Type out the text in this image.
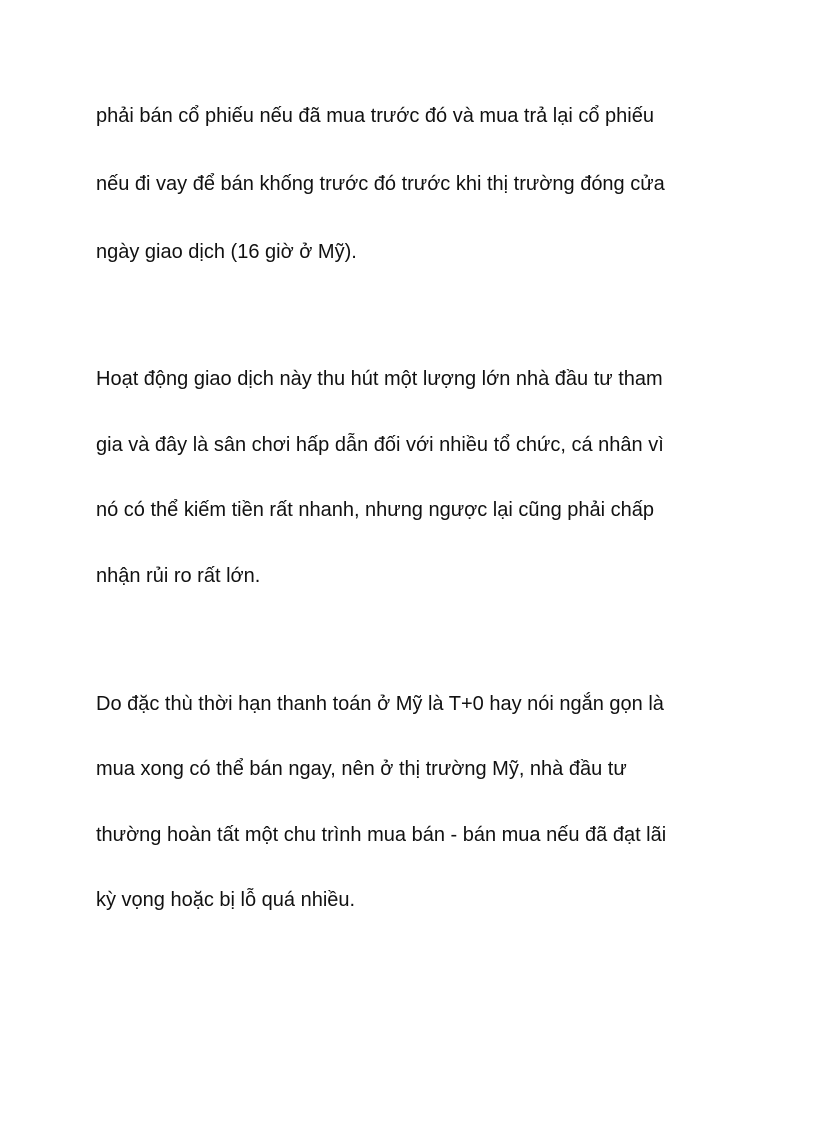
phải bán cổ phiếu nếu đã mua trước đó và mua trả lại cổ phiếu

nếu đi vay để bán khống trước đó trước khi thị trường đóng cửa

ngày giao dịch (16 giờ ở Mỹ).

Hoạt động giao dịch này thu hút một lượng lớn nhà đầu tư tham

gia và đây là sân chơi hấp dẫn đối với nhiều tổ chức, cá nhân vì

nó có thể kiếm tiền rất nhanh, nhưng ngược lại cũng phải chấp

nhận rủi ro rất lớn.

Do đặc thù thời hạn thanh toán ở Mỹ là T+0 hay nói ngắn gọn là

mua xong có thể bán ngay, nên ở thị trường Mỹ, nhà đầu tư

thường hoàn tất một chu trình mua bán - bán mua nếu đã đạt lãi

kỳ vọng hoặc bị lỗ quá nhiều.
